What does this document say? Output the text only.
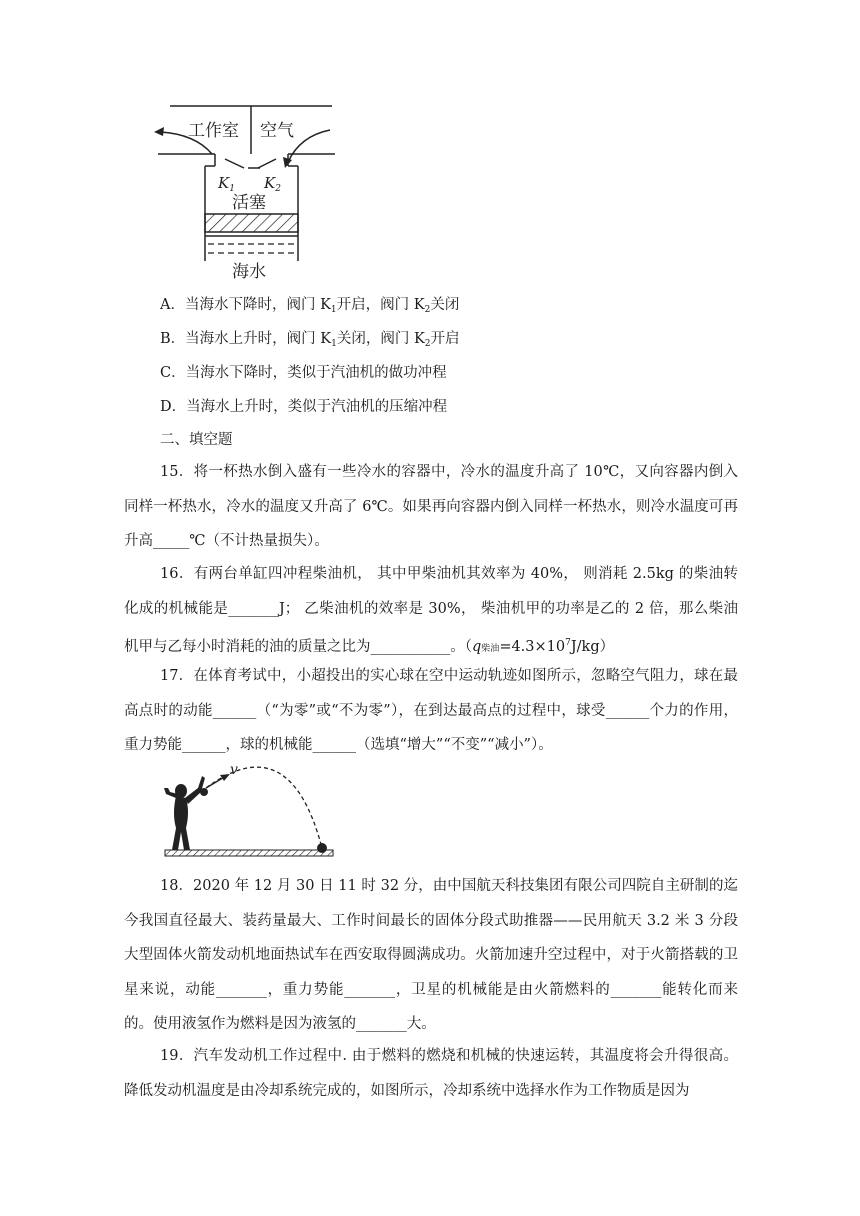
工作室 空气
$K_1$ $K_2$
活塞
海水
A．当海水下降时，阀门 $K_1$开启，阀门 $K_2$关闭
B．当海水上升时，阀门 $K_1$关闭，阀门 $K_2$开启
C．当海水下降时，类似于汽油机的做功冲程
D．当海水上升时，类似于汽油机的压缩冲程
二、填空题
15．将一杯热水倒入盛有一些冷水的容器中，冷水的温度升高了 10℃，又向容器内倒入同样一杯热水，冷水的温度又升高了 6℃。如果再向容器内倒入同样一杯热水，则冷水温度可再升高_____℃（不计热量损失）。
16．有两台单缸四冲程柴油机， 其中甲柴油机其效率为 40%， 则消耗 2.5kg 的柴油转化成的机械能是_______J； 乙柴油机的效率是 30%， 柴油机甲的功率是乙的 2 倍，那么柴油机甲与乙每小时消耗的油的质量之比为___________。（q柴油$=4.3\times 10^7J/kg$）
17．在体育考试中，小超投出的实心球在空中运动轨迹如图所示，忽略空气阻力，球在最高点时的动能______（“为零”或“不为零”），在到达最高点的过程中，球受______个力的作用，重力势能______，球的机械能______（选填“增大”“不变”“减小”）。
v
18．2020 年 12 月 30 日 11 时 32 分，由中国航天科技集团有限公司四院自主研制的迄今我国直径最大、装药量最大、工作时间最长的固体分段式助推器——民用航天 3.2 米 3 分段大型固体火箭发动机地面热试车在西安取得圆满成功。火箭加速升空过程中，对于火箭搭载的卫星来说，动能_______，重力势能_______，卫星的机械能是由火箭燃料的_______能转化而来的。使用液氢作为燃料是因为液氢的_______大。
19．汽车发动机工作过程中. 由于燃料的燃烧和机械的快速运转，其温度将会升得很高。降低发动机温度是由冷却系统完成的，如图所示，冷却系统中选择水作为工作物质是因为
